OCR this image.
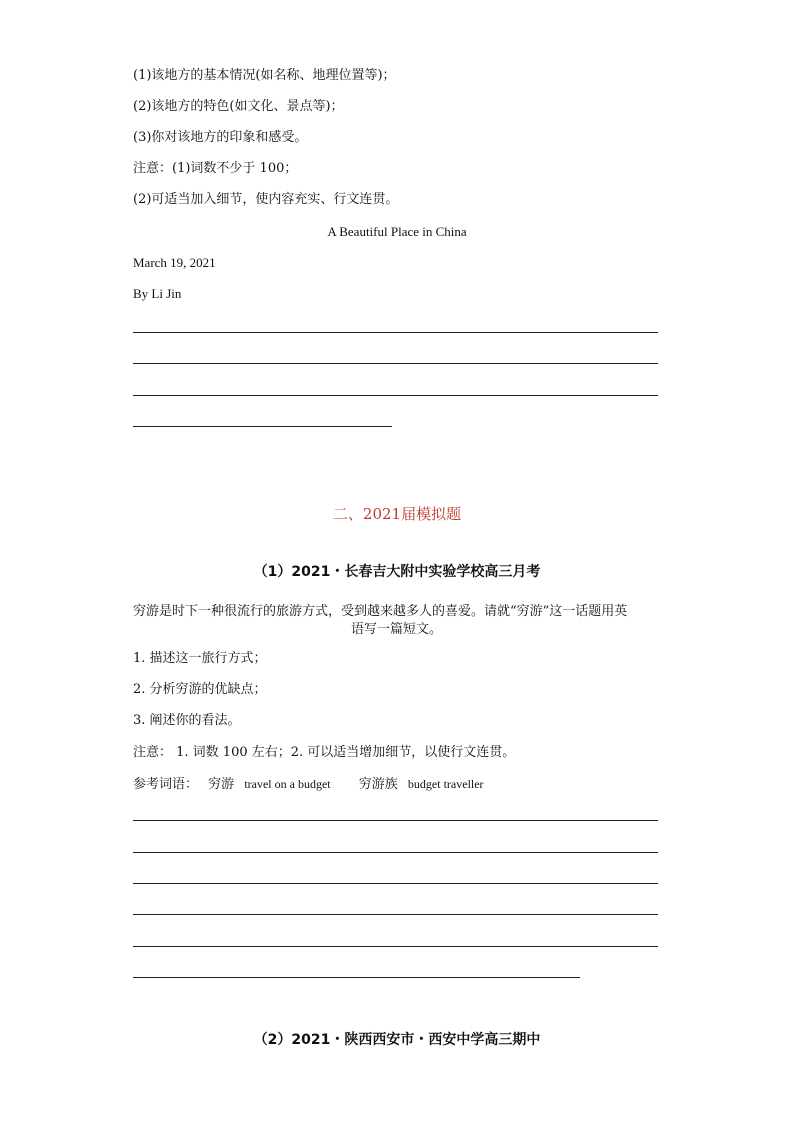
(1)该地方的基本情况(如名称、地理位置等)；
(2)该地方的特色(如文化、景点等)；
(3)你对该地方的印象和感受。
注意：(1)词数不少于 100；
(2)可适当加入细节，使内容充实、行文连贯。
A Beautiful Place in China
March 19, 2021
By Li Jin
二、2021届模拟题
（1）2021・长春吉大附中实验学校高三月考
穷游是时下一种很流行的旅游方式，受到越来越多人的喜爱。请就“穷游”这一话题用英
语写一篇短文。
1. 描述这一旅行方式；
2. 分析穷游的优缺点；
3. 阐述你的看法。
注意： 1. 词数 100 左右；2. 可以适当增加细节，以使行文连贯。
参考词语： 穷游 travel on a budget 穷游族 budget traveller
（2）2021・陕西西安市・西安中学高三期中
